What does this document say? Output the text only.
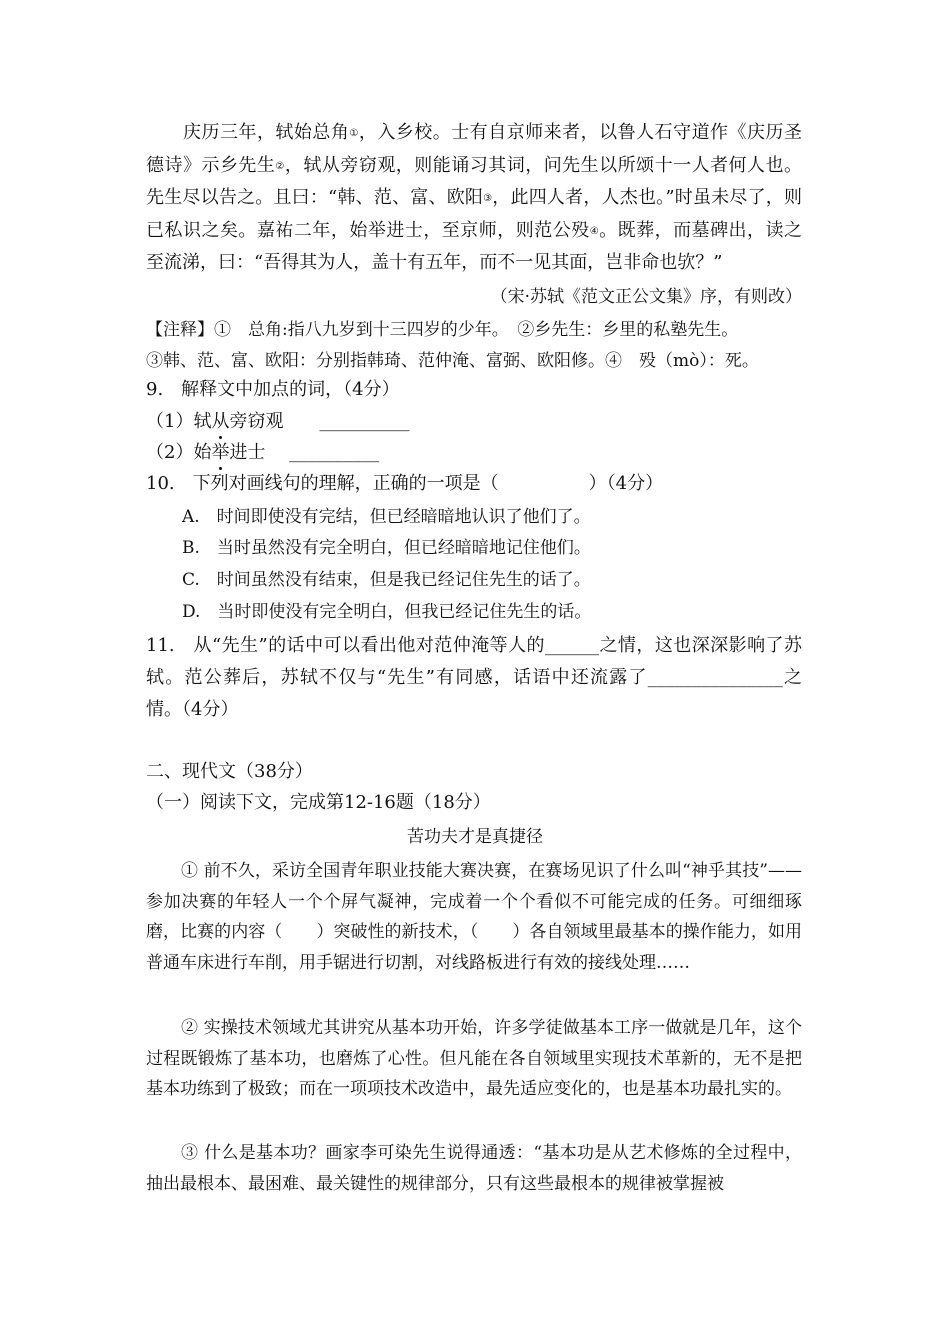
庆历三年，轼始总角①，入乡校。士有自京师来者，以鲁人石守道作《庆历圣德诗》示乡先生②，轼从旁窃观，则能诵习其词，问先生以所颂十一人者何人也。先生尽以告之。且曰：“韩、范、富、欧阳③，此四人者，人杰也。”时虽未尽了，则已私识之矣。嘉祐二年，始举进士，至京师，则范公殁④。既葬，而墓碑出，读之至流涕，曰：“吾得其为人，盖十有五年，而不一见其面，岂非命也欤？”
（宋·苏轼《范文正公文集》序，有则改）
【注释】①　总角:指八九岁到十三四岁的少年。　②乡先生：乡里的私塾先生。
③韩、范、富、欧阳：分别指韩琦、范仲淹、富弼、欧阳修。④　殁（mò）：死。
9.　解释文中加点的词，（4分）
（1）轼从旁窃观　　__________
（2）始举进士　 __________
10.　下列对画线句的理解，正确的一项是（　　　　　）（4分）
A.　时间即使没有完结，但已经暗暗地认识了他们了。
B.　当时虽然没有完全明白，但已经暗暗地记住他们。
C.　时间虽然没有结束，但是我已经记住先生的话了。
D.　当时即使没有完全明白，但我已经记住先生的话。
11.　从“先生”的话中可以看出他对范仲淹等人的______之情，这也深深影响了苏轼。范公葬后，苏轼不仅与“先生”有同感，话语中还流露了_______________之情。（4分）
二、现代文（38分）
（一）阅读下文，完成第12-16题（18分）
苦功夫才是真捷径
① 前不久，采访全国青年职业技能大赛决赛，在赛场见识了什么叫“神乎其技”——参加决赛的年轻人一个个屏气凝神，完成着一个个看似不可能完成的任务。可细细琢磨，比赛的内容（　　）突破性的新技术，（　　）各自领域里最基本的操作能力，如用普通车床进行车削，用手锯进行切割，对线路板进行有效的接线处理……
② 实操技术领域尤其讲究从基本功开始，许多学徒做基本工序一做就是几年，这个过程既锻炼了基本功，也磨炼了心性。但凡能在各自领域里实现技术革新的，无不是把基本功练到了极致；而在一项项技术改造中，最先适应变化的，也是基本功最扎实的。
③ 什么是基本功？画家李可染先生说得通透：“基本功是从艺术修炼的全过程中，抽出最根本、最困难、最关键性的规律部分，只有这些最根本的规律被掌握被
